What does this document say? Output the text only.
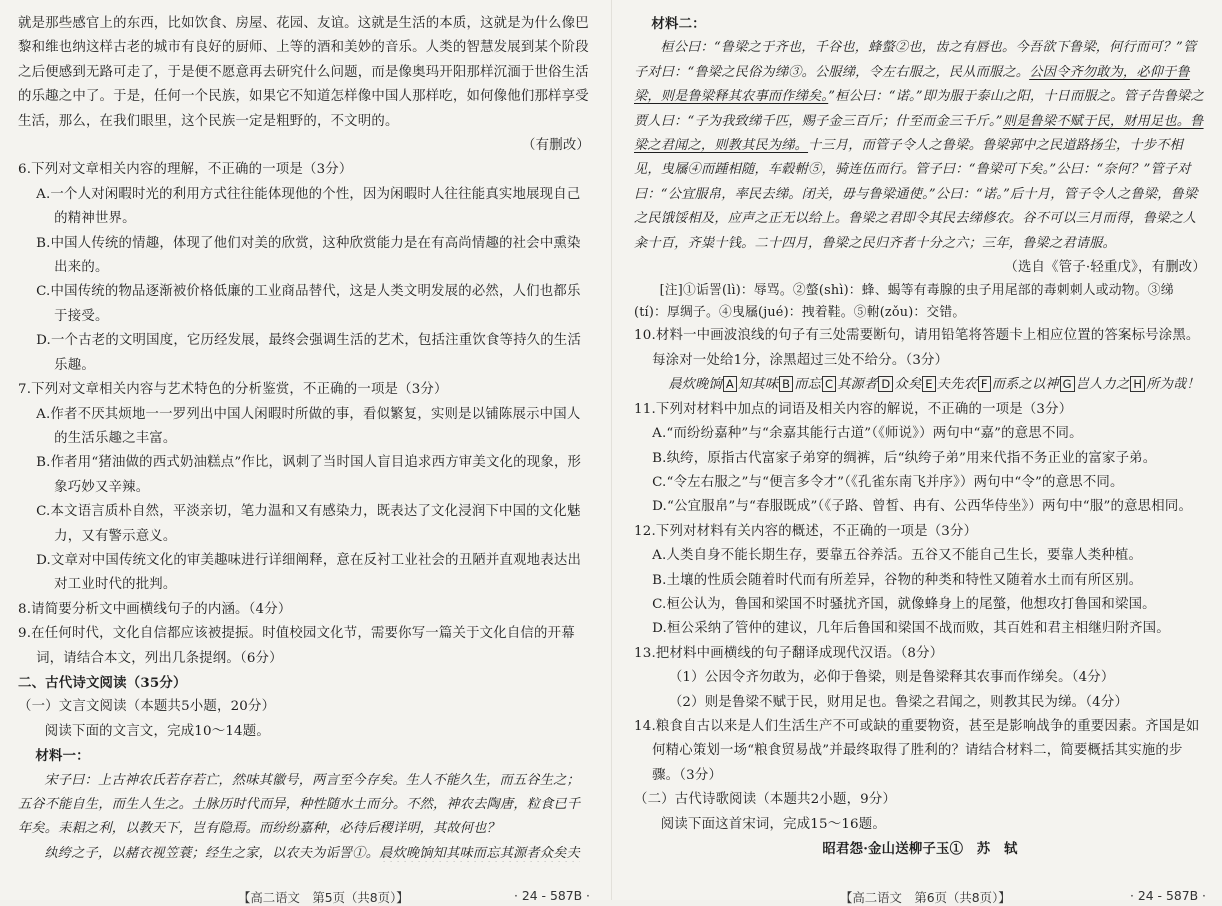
就是那些感官上的东西，比如饮食、房屋、花园、友谊。这就是生活的本质，这就是为什么像巴黎和维也纳这样古老的城市有良好的厨师、上等的酒和美妙的音乐。人类的智慧发展到某个阶段之后便感到无路可走了，于是便不愿意再去研究什么问题，而是像奥玛开阳那样沉湎于世俗生活的乐趣之中了。于是，任何一个民族，如果它不知道怎样像中国人那样吃，如何像他们那样享受生活，那么，在我们眼里，这个民族一定是粗野的，不文明的。

（有删改）

6.下列对文章相关内容的理解，不正确的一项是（3分）

A.一个人对闲暇时光的利用方式往往能体现他的个性，因为闲暇时人往往能真实地展现自己的精神世界。

B.中国人传统的情趣，体现了他们对美的欣赏，这种欣赏能力是在有高尚情趣的社会中熏染出来的。

C.中国传统的物品逐渐被价格低廉的工业商品替代，这是人类文明发展的必然，人们也都乐于接受。

D.一个古老的文明国度，它历经发展，最终会强调生活的艺术，包括注重饮食等持久的生活乐趣。

7.下列对文章相关内容与艺术特色的分析鉴赏，不正确的一项是（3分）

A.作者不厌其烦地一一罗列出中国人闲暇时所做的事，看似繁复，实则是以铺陈展示中国人的生活乐趣之丰富。

B.作者用“猪油做的西式奶油糕点”作比，讽刺了当时国人盲目追求西方审美文化的现象，形象巧妙又辛辣。

C.本文语言质朴自然，平淡亲切，笔力温和又有感染力，既表达了文化浸润下中国的文化魅力，又有警示意义。

D.文章对中国传统文化的审美趣味进行详细阐释，意在反衬工业社会的丑陋并直观地表达出对工业时代的批判。

8.请简要分析文中画横线句子的内涵。（4分）

9.在任何时代，文化自信都应该被提振。时值校园文化节，需要你写一篇关于文化自信的开幕词，请结合本文，列出几条提纲。（6分）

二、古代诗文阅读（35分）

（一）文言文阅读（本题共5小题，20分）

阅读下面的文言文，完成10～14题。

材料一：

宋子曰：上古神农氏若存若亡，然味其徽号，两言至今存矣。生人不能久生，而五谷生之；五谷不能自生，而生人生之。土脉历时代而异，种性随水土而分。不然，神农去陶唐，粒食已千年矣。耒耜之利，以教天下，岂有隐焉。而纷纷嘉种，必待后稷详明，其故何也？

纨绔之子，以赭衣视笠蓑；经生之家，以农夫为诟詈①。晨炊晚饷知其味而忘其源者众矣夫

【高二语文　第5页（共8页）】	· 24 - 587B ·

材料二：

桓公曰：“鲁梁之于齐也，千谷也，蜂螫②也，齿之有唇也。今吾欲下鲁梁，何行而可？”管子对曰：“鲁梁之民俗为绨③。公服绨，令左右服之，民从而服之。公因令齐勿敢为，必仰于鲁梁，则是鲁梁释其农事而作绨矣。”桓公曰：“诺。”即为服于泰山之阳，十日而服之。管子告鲁梁之贾人曰：“子为我致绨千匹，赐子金三百斤；什至而金三千斤。”则是鲁梁不赋于民，财用足也。鲁梁之君闻之，则教其民为绨。十三月，而管子令人之鲁梁。鲁梁郭中之民道路扬尘，十步不相见，曳屩④而踵相随，车毂軵⑤，骑连伍而行。管子曰：“鲁梁可下矣。”公曰：“奈何？”管子对曰：“公宜服帛，率民去绨。闭关，毋与鲁梁通使。”公曰：“诺。”后十月，管子令人之鲁梁，鲁梁之民饿馁相及，应声之正无以给上。鲁梁之君即令其民去绨修农。谷不可以三月而得，鲁梁之人籴十百，齐粜十钱。二十四月，鲁梁之民归齐者十分之六；三年，鲁梁之君请服。

（选自《管子·轻重戊》，有删改）

[注]①诟詈(lì)：辱骂。②螫(shì)：蜂、蝎等有毒腺的虫子用尾部的毒刺刺人或动物。③绨(tí)：厚绸子。④曳屩(jué)：拽着鞋。⑤軵(zǒu)：交错。

10.材料一中画波浪线的句子有三处需要断句，请用铅笔将答题卡上相应位置的答案标号涂黑。每涂对一处给1分，涂黑超过三处不给分。（3分）

晨炊晚饷 A 知其味 B 而忘 C 其源者 D 众矣 E 夫先农 F 而系之以神 G 岂人力之 H 所为哉！

11.下列对材料中加点的词语及相关内容的解说，不正确的一项是（3分）

A.“而纷纷嘉种”与“余嘉其能行古道”（《师说》）两句中“嘉”的意思不同。

B.纨绔，原指古代富家子弟穿的绸裤，后“纨绔子弟”用来代指不务正业的富家子弟。

C.“令左右服之”与“便言多令才”（《孔雀东南飞并序》）两句中“令”的意思不同。

D.“公宜服帛”与“春服既成”（《子路、曾皙、冉有、公西华侍坐》）两句中“服”的意思相同。

12.下列对材料有关内容的概述，不正确的一项是（3分）

A.人类自身不能长期生存，要靠五谷养活。五谷又不能自己生长，要靠人类种植。

B.土壤的性质会随着时代而有所差异，谷物的种类和特性又随着水土而有所区别。

C.桓公认为，鲁国和梁国不时骚扰齐国，就像蜂身上的尾螫，他想攻打鲁国和梁国。

D.桓公采纳了管仲的建议，几年后鲁国和梁国不战而败，其百姓和君主相继归附齐国。

13.把材料中画横线的句子翻译成现代汉语。（8分）

（1）公因令齐勿敢为，必仰于鲁梁，则是鲁梁释其农事而作绨矣。（4分）

（2）则是鲁梁不赋于民，财用足也。鲁梁之君闻之，则教其民为绨。（4分）

14.粮食自古以来是人们生活生产不可或缺的重要物资，甚至是影响战争的重要因素。齐国是如何精心策划一场“粮食贸易战”并最终取得了胜利的？请结合材料二，简要概括其实施的步骤。（3分）

（二）古代诗歌阅读（本题共2小题，9分）

阅读下面这首宋词，完成15～16题。

昭君怨·金山送柳子玉①　苏　轼

【高二语文　第6页（共8页）】	· 24 - 587B ·
